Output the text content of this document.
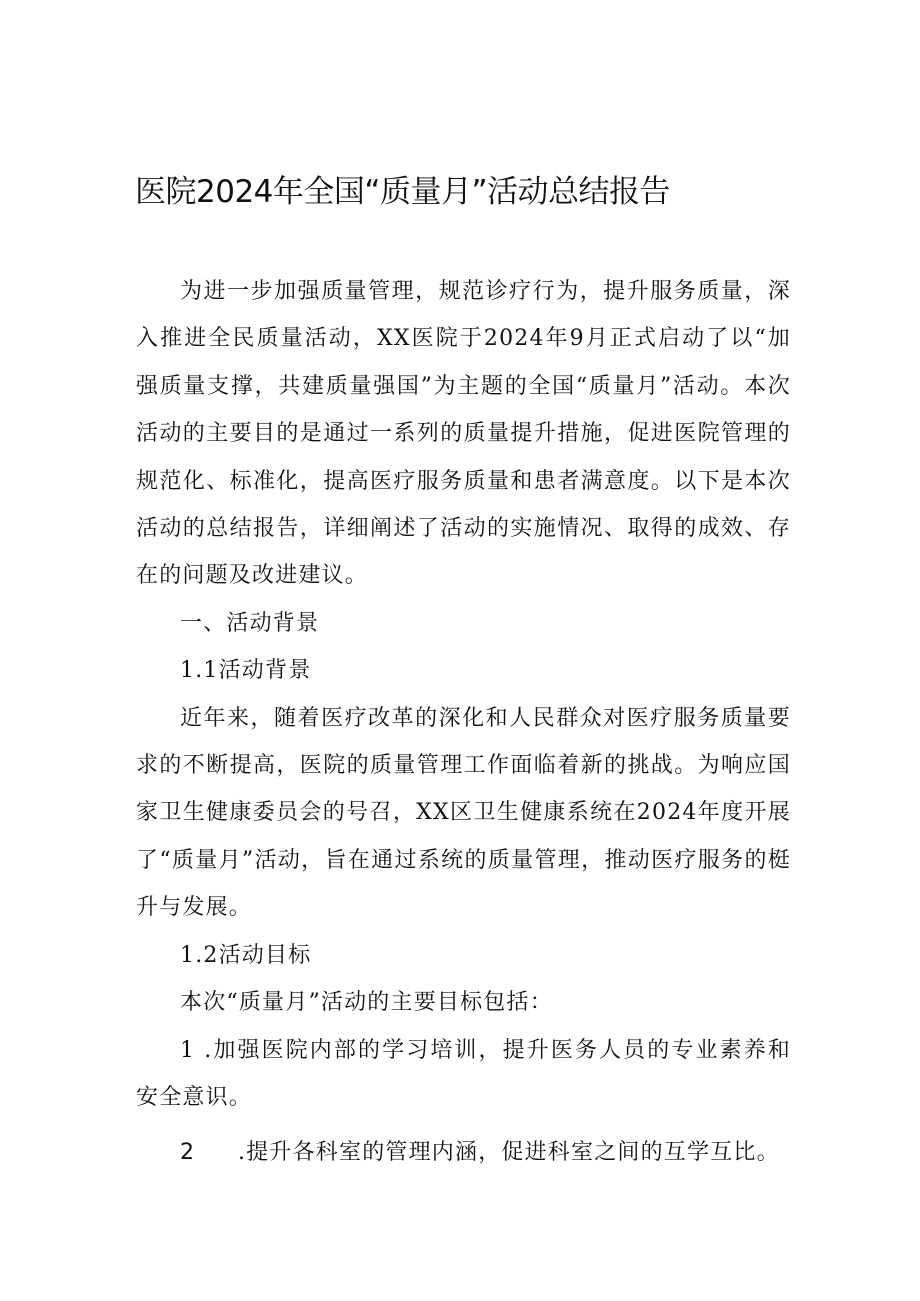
医院2024年全国“质量月”活动总结报告

为进一步加强质量管理，规范诊疗行为，提升服务质量，深入推进全民质量活动，XX医院于2024年9月正式启动了以“加强质量支撑，共建质量强国”为主题的全国“质量月”活动。本次活动的主要目的是通过一系列的质量提升措施，促进医院管理的规范化、标准化，提高医疗服务质量和患者满意度。以下是本次活动的总结报告，详细阐述了活动的实施情况、取得的成效、存在的问题及改进建议。

一、活动背景

1.1活动背景

近年来，随着医疗改革的深化和人民群众对医疗服务质量要求的不断提高，医院的质量管理工作面临着新的挑战。为响应国家卫生健康委员会的号召，XX区卫生健康系统在2024年度开展了“质量月”活动，旨在通过系统的质量管理，推动医疗服务的梃升与发展。

1.2活动目标

本次“质量月”活动的主要目标包括：

1 .加强医院内部的学习培训，提升医务人员的专业素养和安全意识。

2 .提升各科室的管理内涵，促进科室之间的互学互比。
